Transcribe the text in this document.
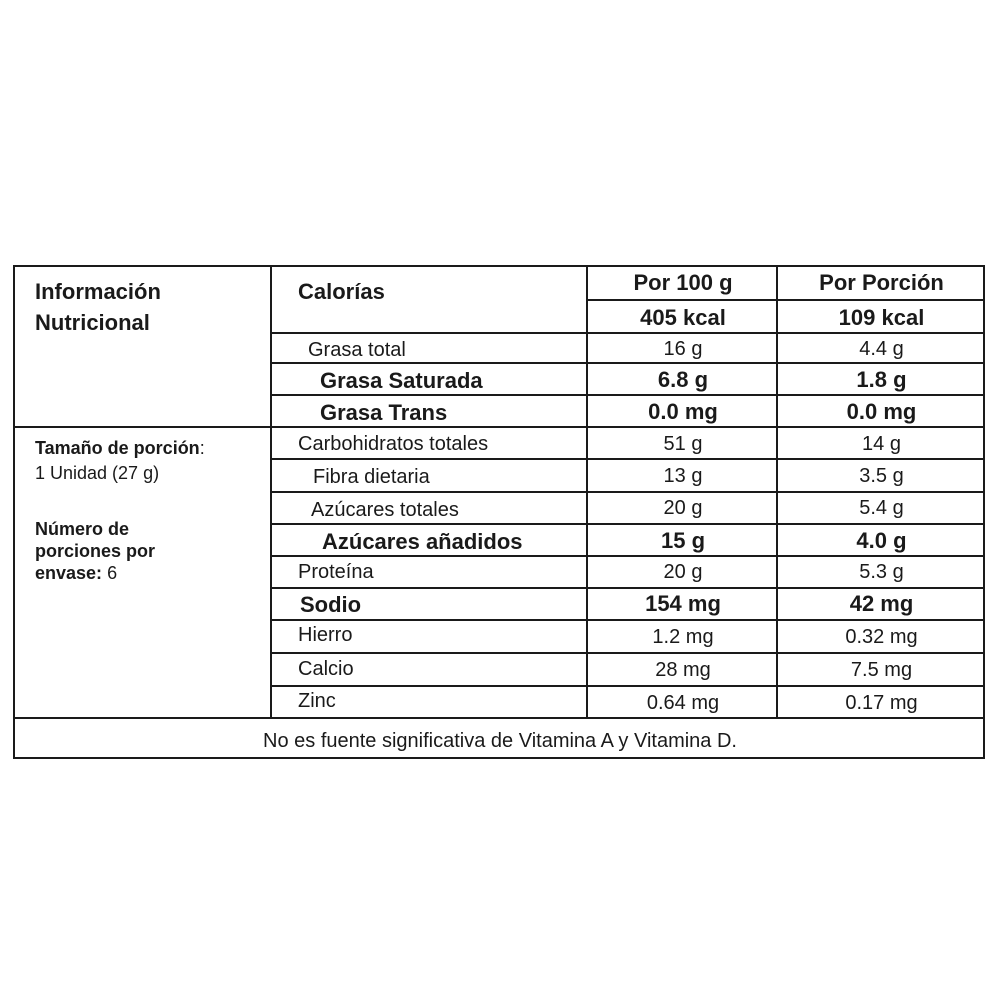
Información
Nutricional
Tamaño de porción:
1 Unidad (27 g)
Número de
porciones por
envase: 6
Calorías	Por 100 g	Por Porción
405 kcal	109 kcal
Grasa total	16 g	4.4 g
Grasa Saturada	6.8 g	1.8 g
Grasa Trans	0.0 mg	0.0 mg
Carbohidratos totales	51 g	14 g
Fibra dietaria	13 g	3.5 g
Azúcares totales	20 g	5.4 g
Azúcares añadidos	15 g	4.0 g
Proteína	20 g	5.3 g
Sodio	154 mg	42 mg
Hierro	1.2 mg	0.32 mg
Calcio	28 mg	7.5 mg
Zinc	0.64 mg	0.17 mg
No es fuente significativa de Vitamina A y Vitamina D.
